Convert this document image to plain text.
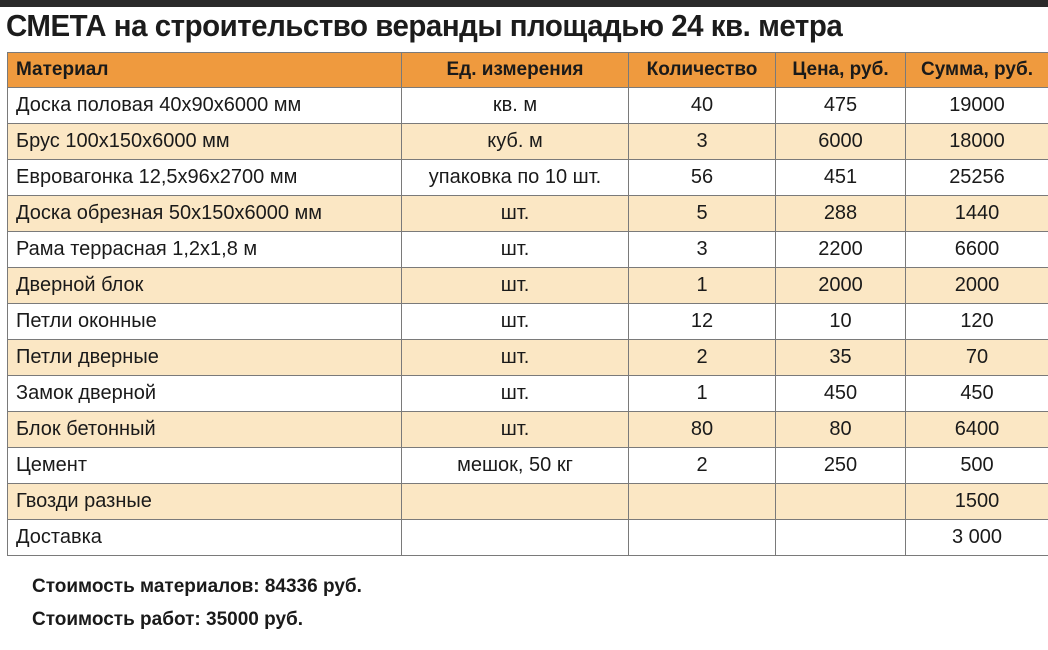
СМЕТА на строительство веранды площадью 24 кв. метра
Материал	Ед. измерения	Количество	Цена, руб.	Сумма, руб.
Доска половая 40x90x6000 мм	кв. м	40	475	19000
Брус 100x150x6000 мм	куб. м	3	6000	18000
Евровагонка 12,5x96x2700 мм	упаковка по 10 шт.	56	451	25256
Доска обрезная 50x150x6000 мм	шт.	5	288	1440
Рама террасная 1,2x1,8 м	шт.	3	2200	6600
Дверной блок	шт.	1	2000	2000
Петли оконные	шт.	12	10	120
Петли дверные	шт.	2	35	70
Замок дверной	шт.	1	450	450
Блок бетонный	шт.	80	80	6400
Цемент	мешок, 50 кг	2	250	500
Гвозди разные				1500
Доставка				3 000
Стоимость материалов: 84336 руб.
Стоимость работ: 35000 руб.
